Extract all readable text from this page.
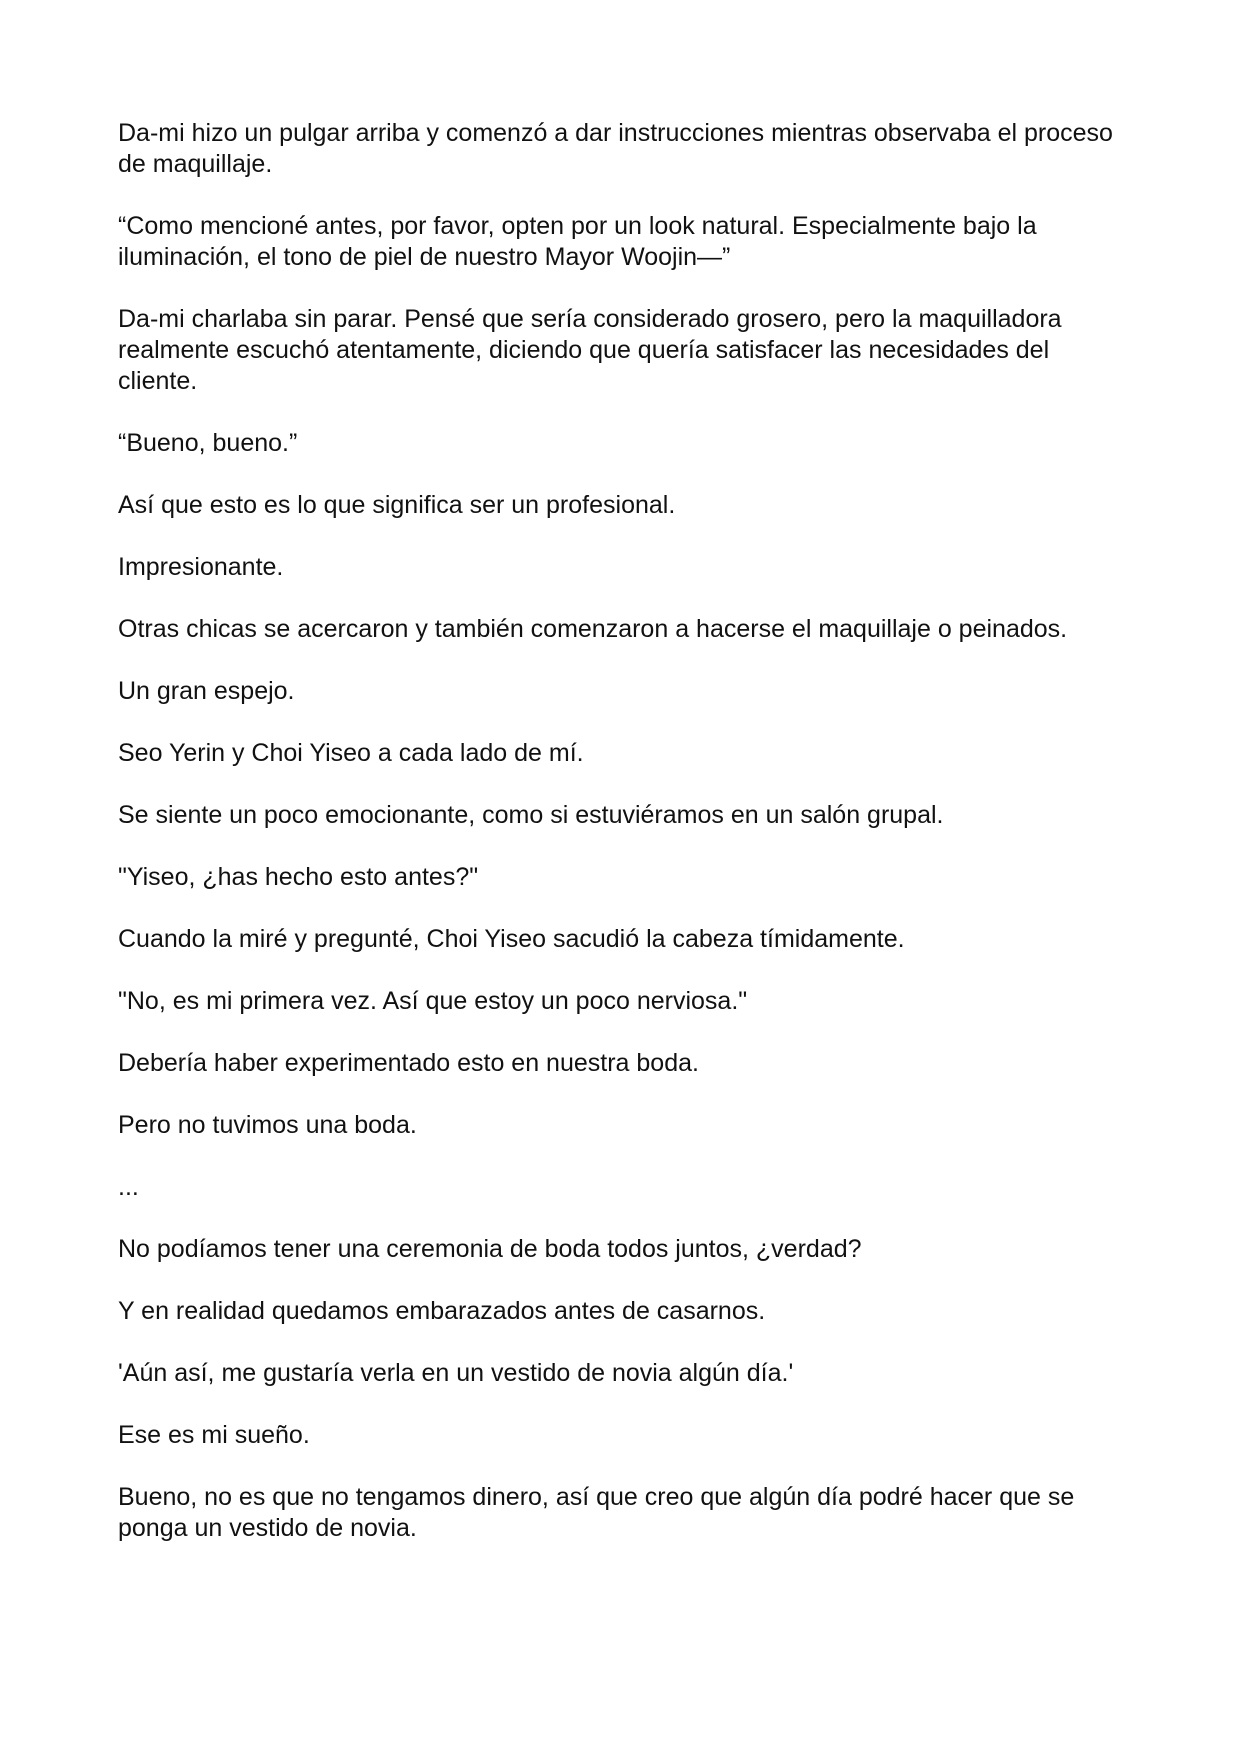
Da-mi hizo un pulgar arriba y comenzó a dar instrucciones mientras observaba el proceso de maquillaje.

“Como mencioné antes, por favor, opten por un look natural. Especialmente bajo la iluminación, el tono de piel de nuestro Mayor Woojin—”

Da-mi charlaba sin parar. Pensé que sería considerado grosero, pero la maquilladora realmente escuchó atentamente, diciendo que quería satisfacer las necesidades del cliente.

“Bueno, bueno.”

Así que esto es lo que significa ser un profesional.

Impresionante.

Otras chicas se acercaron y también comenzaron a hacerse el maquillaje o peinados.

Un gran espejo.

Seo Yerin y Choi Yiseo a cada lado de mí.

Se siente un poco emocionante, como si estuviéramos en un salón grupal.

"Yiseo, ¿has hecho esto antes?"

Cuando la miré y pregunté, Choi Yiseo sacudió la cabeza tímidamente.

"No, es mi primera vez. Así que estoy un poco nerviosa."

Debería haber experimentado esto en nuestra boda.

Pero no tuvimos una boda.

...

No podíamos tener una ceremonia de boda todos juntos, ¿verdad?

Y en realidad quedamos embarazados antes de casarnos.

'Aún así, me gustaría verla en un vestido de novia algún día.'

Ese es mi sueño.

Bueno, no es que no tengamos dinero, así que creo que algún día podré hacer que se ponga un vestido de novia.
